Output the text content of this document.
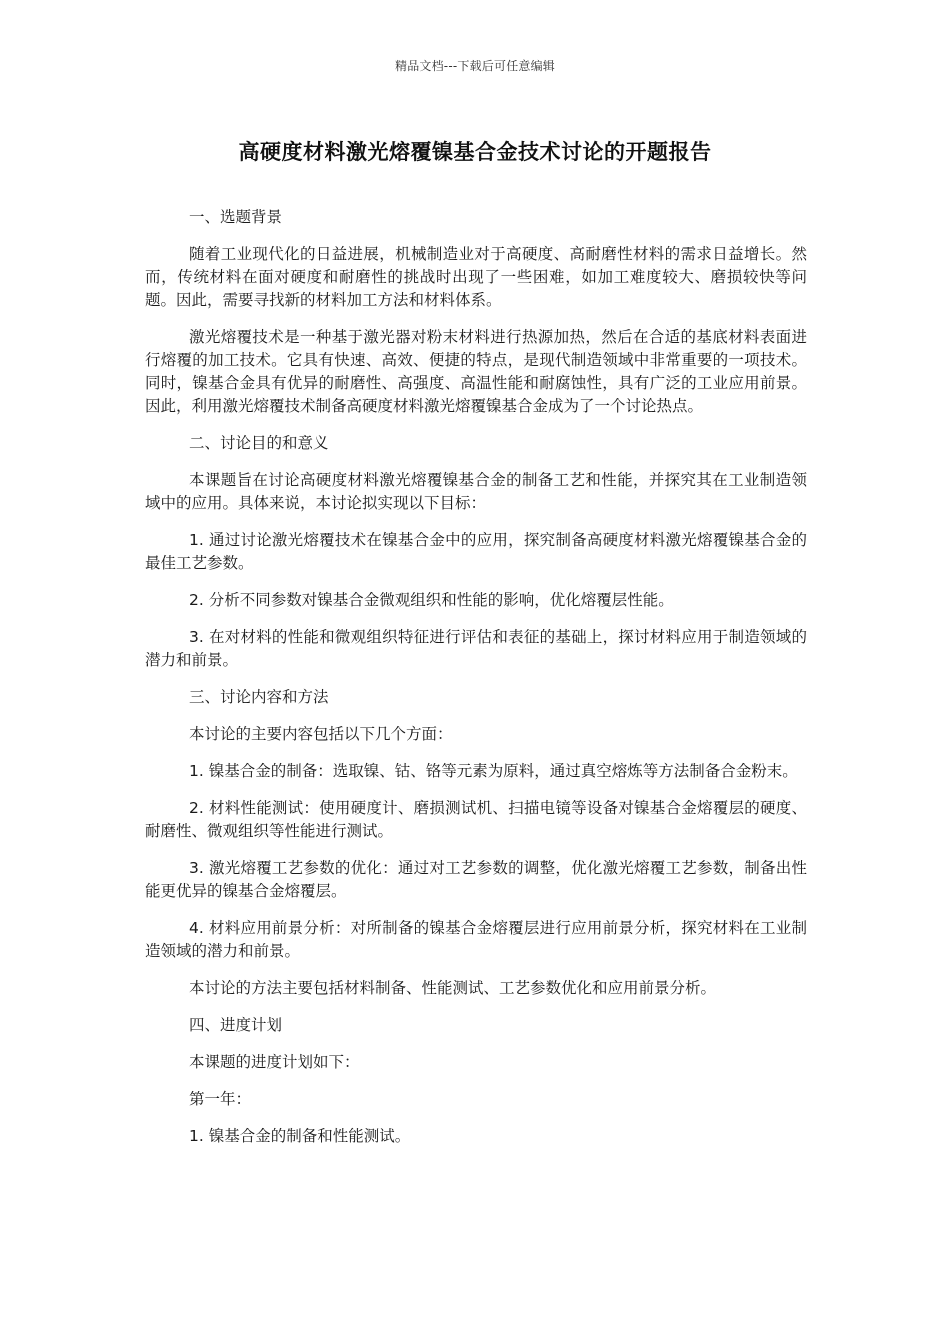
精品文档---下载后可任意编辑
高硬度材料激光熔覆镍基合金技术讨论的开题报告

一、选题背景

随着工业现代化的日益进展，机械制造业对于高硬度、高耐磨性材料的需求日益增长。然而，传统材料在面对硬度和耐磨性的挑战时出现了一些困难，如加工难度较大、磨损较快等问题。因此，需要寻找新的材料加工方法和材料体系。

激光熔覆技术是一种基于激光器对粉末材料进行热源加热，然后在合适的基底材料表面进行熔覆的加工技术。它具有快速、高效、便捷的特点，是现代制造领域中非常重要的一项技术。同时，镍基合金具有优异的耐磨性、高强度、高温性能和耐腐蚀性，具有广泛的工业应用前景。因此，利用激光熔覆技术制备高硬度材料激光熔覆镍基合金成为了一个讨论热点。

二、讨论目的和意义

本课题旨在讨论高硬度材料激光熔覆镍基合金的制备工艺和性能，并探究其在工业制造领域中的应用。具体来说，本讨论拟实现以下目标：

1. 通过讨论激光熔覆技术在镍基合金中的应用，探究制备高硬度材料激光熔覆镍基合金的最佳工艺参数。

2. 分析不同参数对镍基合金微观组织和性能的影响，优化熔覆层性能。

3. 在对材料的性能和微观组织特征进行评估和表征的基础上，探讨材料应用于制造领域的潜力和前景。

三、讨论内容和方法

本讨论的主要内容包括以下几个方面：

1. 镍基合金的制备：选取镍、钴、铬等元素为原料，通过真空熔炼等方法制备合金粉末。

2. 材料性能测试：使用硬度计、磨损测试机、扫描电镜等设备对镍基合金熔覆层的硬度、耐磨性、微观组织等性能进行测试。

3. 激光熔覆工艺参数的优化：通过对工艺参数的调整，优化激光熔覆工艺参数，制备出性能更优异的镍基合金熔覆层。

4. 材料应用前景分析：对所制备的镍基合金熔覆层进行应用前景分析，探究材料在工业制造领域的潜力和前景。

本讨论的方法主要包括材料制备、性能测试、工艺参数优化和应用前景分析。

四、进度计划

本课题的进度计划如下：

第一年：

1. 镍基合金的制备和性能测试。
